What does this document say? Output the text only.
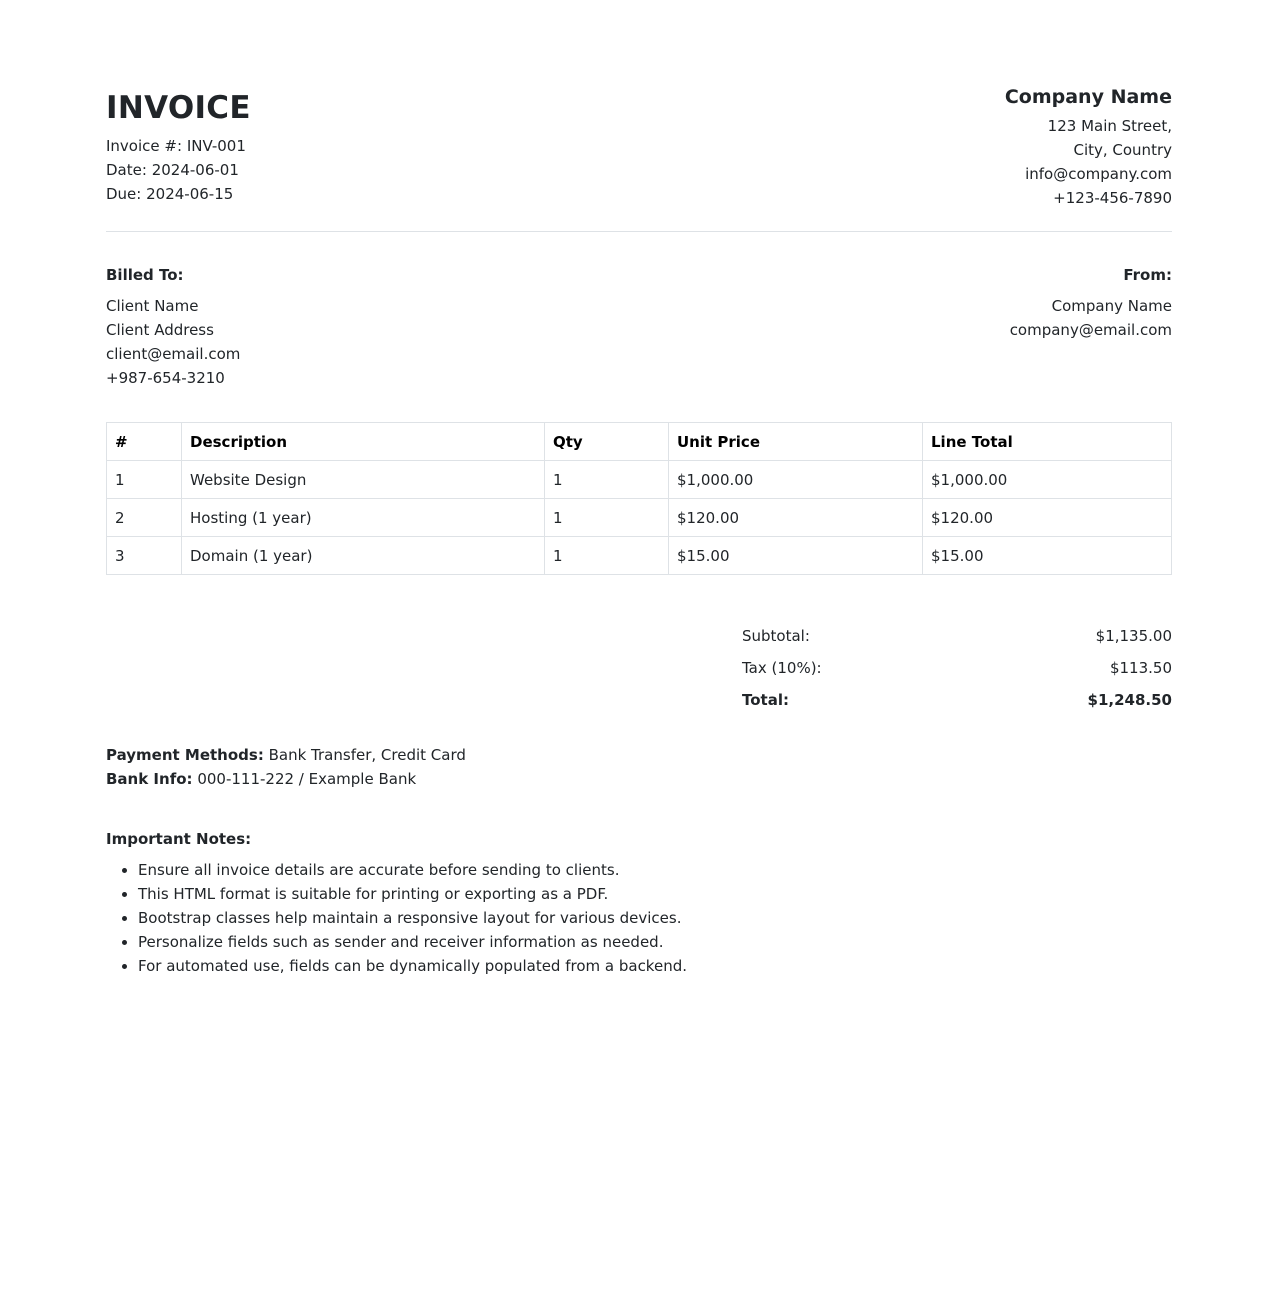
INVOICE
Invoice #: INV-001
Date: 2024-06-01
Due: 2024-06-15
Company Name
123 Main Street,
City, Country
info@company.com
+123-456-7890
Billed To:
Client Name
Client Address
client@email.com
+987-654-3210
From:
Company Name
company@email.com
#	Description	Qty	Unit Price	Line Total
1	Website Design	1	$1,000.00	$1,000.00
2	Hosting (1 year)	1	$120.00	$120.00
3	Domain (1 year)	1	$15.00	$15.00
Subtotal:	$1,135.00
Tax (10%):	$113.50
Total:	$1,248.50
Payment Methods: Bank Transfer, Credit Card
Bank Info: 000-111-222 / Example Bank
Important Notes:
• Ensure all invoice details are accurate before sending to clients.
• This HTML format is suitable for printing or exporting as a PDF.
• Bootstrap classes help maintain a responsive layout for various devices.
• Personalize fields such as sender and receiver information as needed.
• For automated use, fields can be dynamically populated from a backend.
